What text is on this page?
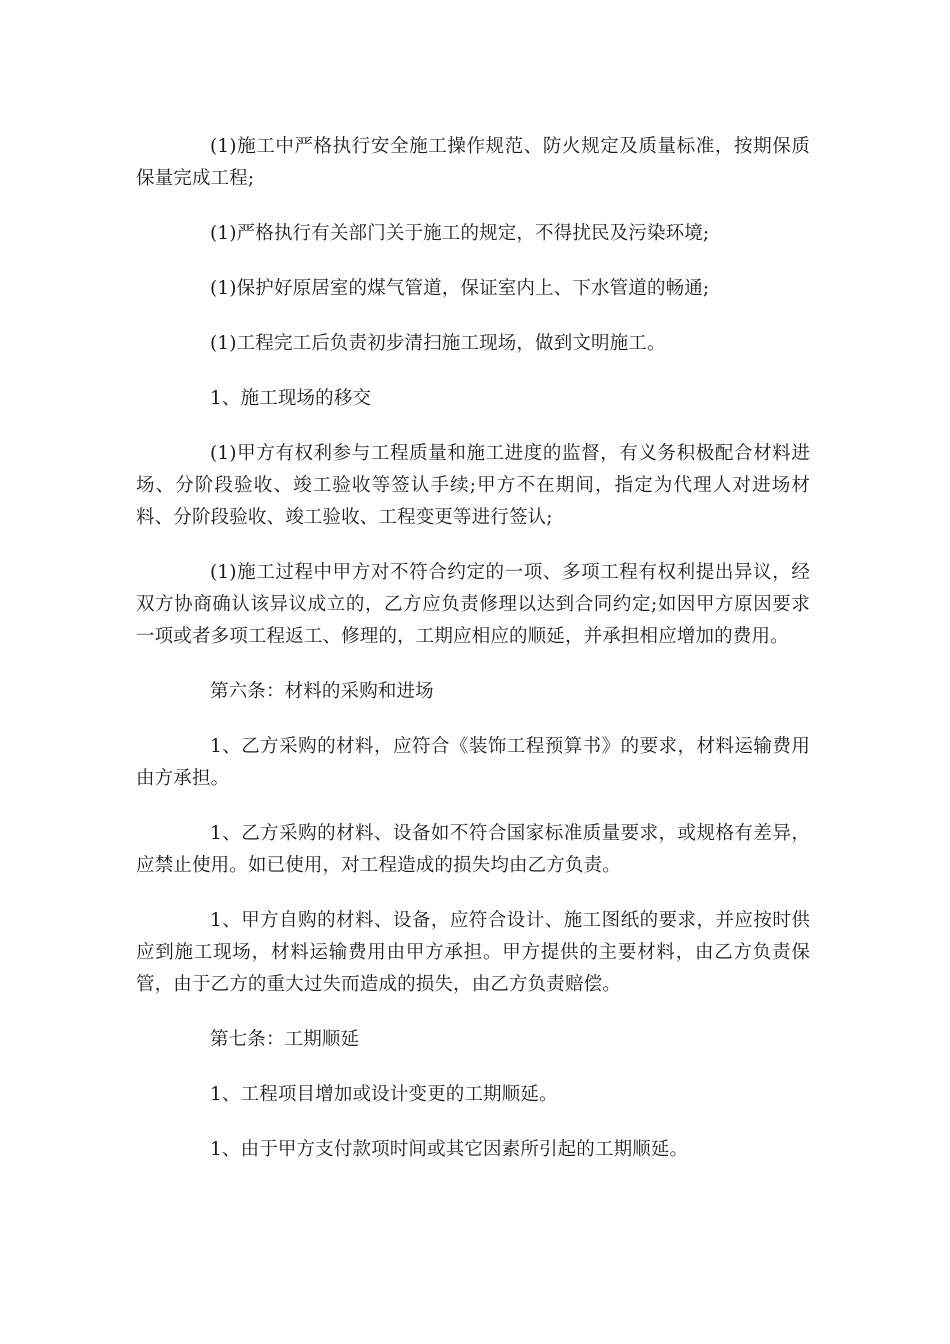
(1)施工中严格执行安全施工操作规范、防火规定及质量标准，按期保质保量完成工程;

(1)严格执行有关部门关于施工的规定，不得扰民及污染环境;

(1)保护好原居室的煤气管道，保证室内上、下水管道的畅通;

(1)工程完工后负责初步清扫施工现场，做到文明施工。

1、施工现场的移交

(1)甲方有权利参与工程质量和施工进度的监督，有义务积极配合材料进场、分阶段验收、竣工验收等签认手续;甲方不在期间，指定为代理人对进场材料、分阶段验收、竣工验收、工程变更等进行签认;

(1)施工过程中甲方对不符合约定的一项、多项工程有权利提出异议，经双方协商确认该异议成立的，乙方应负责修理以达到合同约定;如因甲方原因要求一项或者多项工程返工、修理的，工期应相应的顺延，并承担相应增加的费用。

第六条：材料的采购和进场

1、乙方采购的材料，应符合《装饰工程预算书》的要求，材料运输费用由方承担。

1、乙方采购的材料、设备如不符合国家标准质量要求，或规格有差异，应禁止使用。如已使用，对工程造成的损失均由乙方负责。

1、甲方自购的材料、设备，应符合设计、施工图纸的要求，并应按时供应到施工现场，材料运输费用由甲方承担。甲方提供的主要材料，由乙方负责保管，由于乙方的重大过失而造成的损失，由乙方负责赔偿。

第七条：工期顺延

1、工程项目增加或设计变更的工期顺延。

1、由于甲方支付款项时间或其它因素所引起的工期顺延。
